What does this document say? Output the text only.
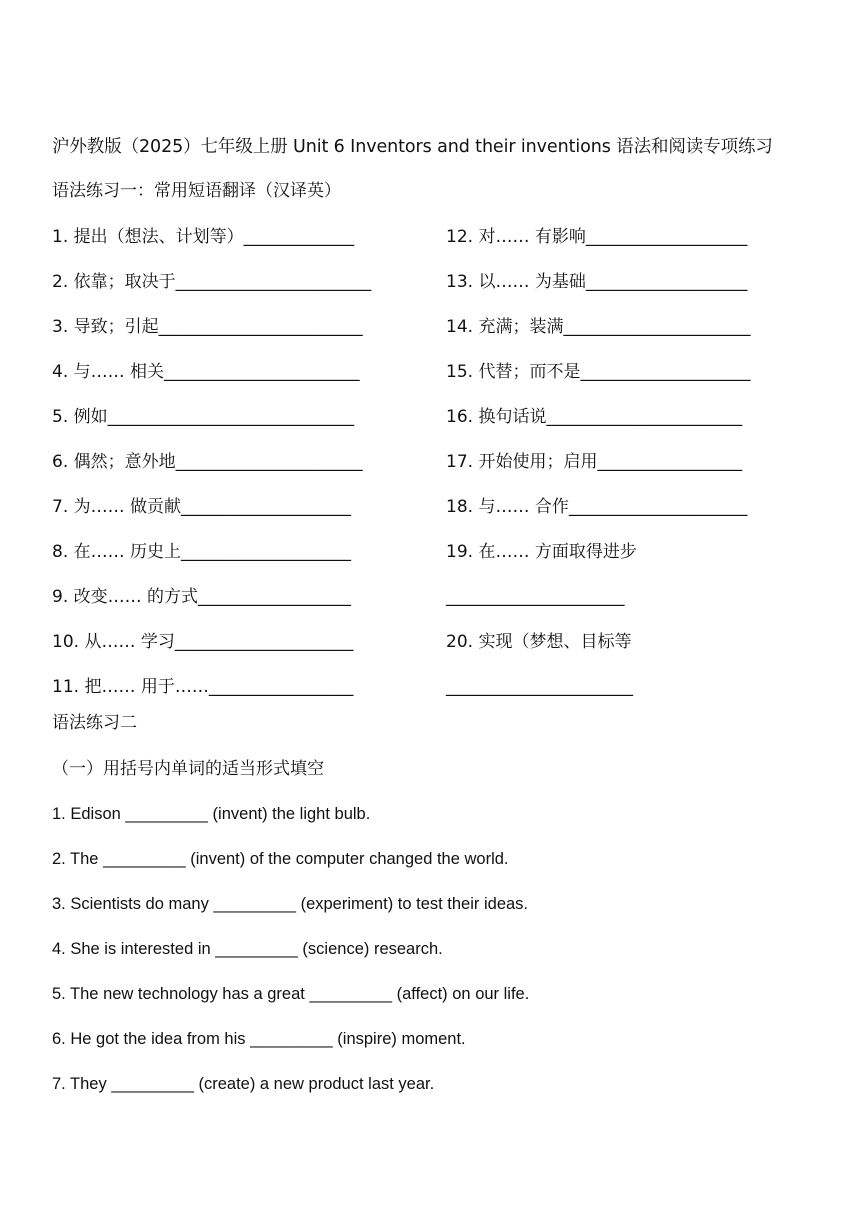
沪外教版（2025）七年级上册 Unit 6 Inventors and their inventions 语法和阅读专项练习
语法练习一：常用短语翻译（汉译英）
1. 提出（想法、计划等）_____________
2. 依靠；取决于_______________________
3. 导致；引起________________________
4. 与…… 相关_______________________
5. 例如_____________________________
6. 偶然；意外地______________________
7. 为…… 做贡献____________________
8. 在…… 历史上____________________
9. 改变…… 的方式__________________
10. 从…… 学习_____________________
11. 把…… 用于……_________________
12. 对…… 有影响___________________
13. 以…… 为基础___________________
14. 充满；装满______________________
15. 代替；而不是____________________
16. 换句话说_______________________
17. 开始使用；启用_________________
18. 与…… 合作_____________________
19. 在…… 方面取得进步
_____________________
20. 实现（梦想、目标等
______________________
语法练习二
（一）用括号内单词的适当形式填空
1. Edison _________ (invent) the light bulb.
2. The _________ (invent) of the computer changed the world.
3. Scientists do many _________ (experiment) to test their ideas.
4. She is interested in _________ (science) research.
5. The new technology has a great _________ (affect) on our life.
6. He got the idea from his _________ (inspire) moment.
7. They _________ (create) a new product last year.
